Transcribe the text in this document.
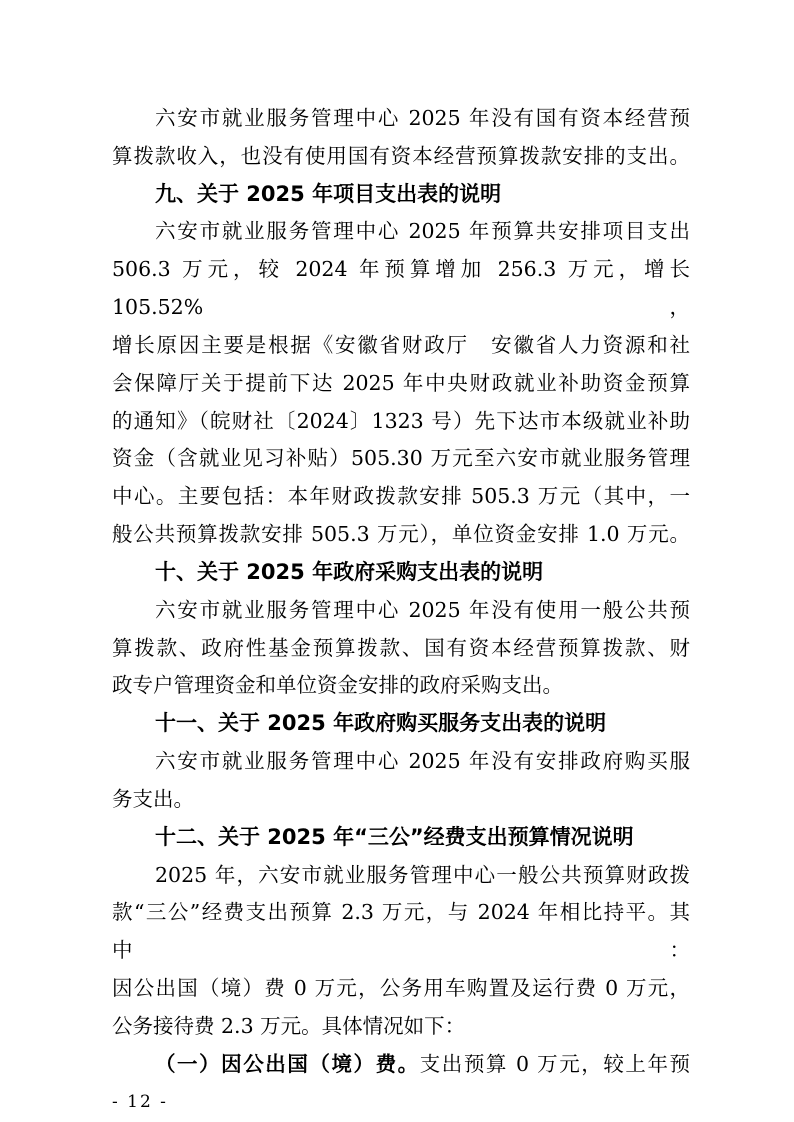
六安市就业服务管理中心 2025 年没有国有资本经营预
算拨款收入，也没有使用国有资本经营预算拨款安排的支出。
九、关于 2025 年项目支出表的说明
六安市就业服务管理中心 2025 年预算共安排项目支出
506.3 万元，较 2024 年预算增加 256.3 万元，增长 105.52%，
增长原因主要是根据《安徽省财政厅　安徽省人力资源和社
会保障厅关于提前下达 2025 年中央财政就业补助资金预算
的通知》（皖财社〔2024〕1323 号）先下达市本级就业补助
资金（含就业见习补贴）505.30 万元至六安市就业服务管理
中心。主要包括：本年财政拨款安排 505.3 万元（其中，一
般公共预算拨款安排 505.3 万元），单位资金安排 1.0 万元。
十、关于 2025 年政府采购支出表的说明
六安市就业服务管理中心 2025 年没有使用一般公共预
算拨款、政府性基金预算拨款、国有资本经营预算拨款、财
政专户管理资金和单位资金安排的政府采购支出。
十一、关于 2025 年政府购买服务支出表的说明
六安市就业服务管理中心 2025 年没有安排政府购买服
务支出。
十二、关于 2025 年“三公”经费支出预算情况说明
2025 年，六安市就业服务管理中心一般公共预算财政拨
款“三公”经费支出预算 2.3 万元，与 2024 年相比持平。其中：
因公出国（境）费 0 万元，公务用车购置及运行费 0 万元，
公务接待费 2.3 万元。具体情况如下：
（一）因公出国（境）费。支出预算 0 万元，较上年预
- 12 -
